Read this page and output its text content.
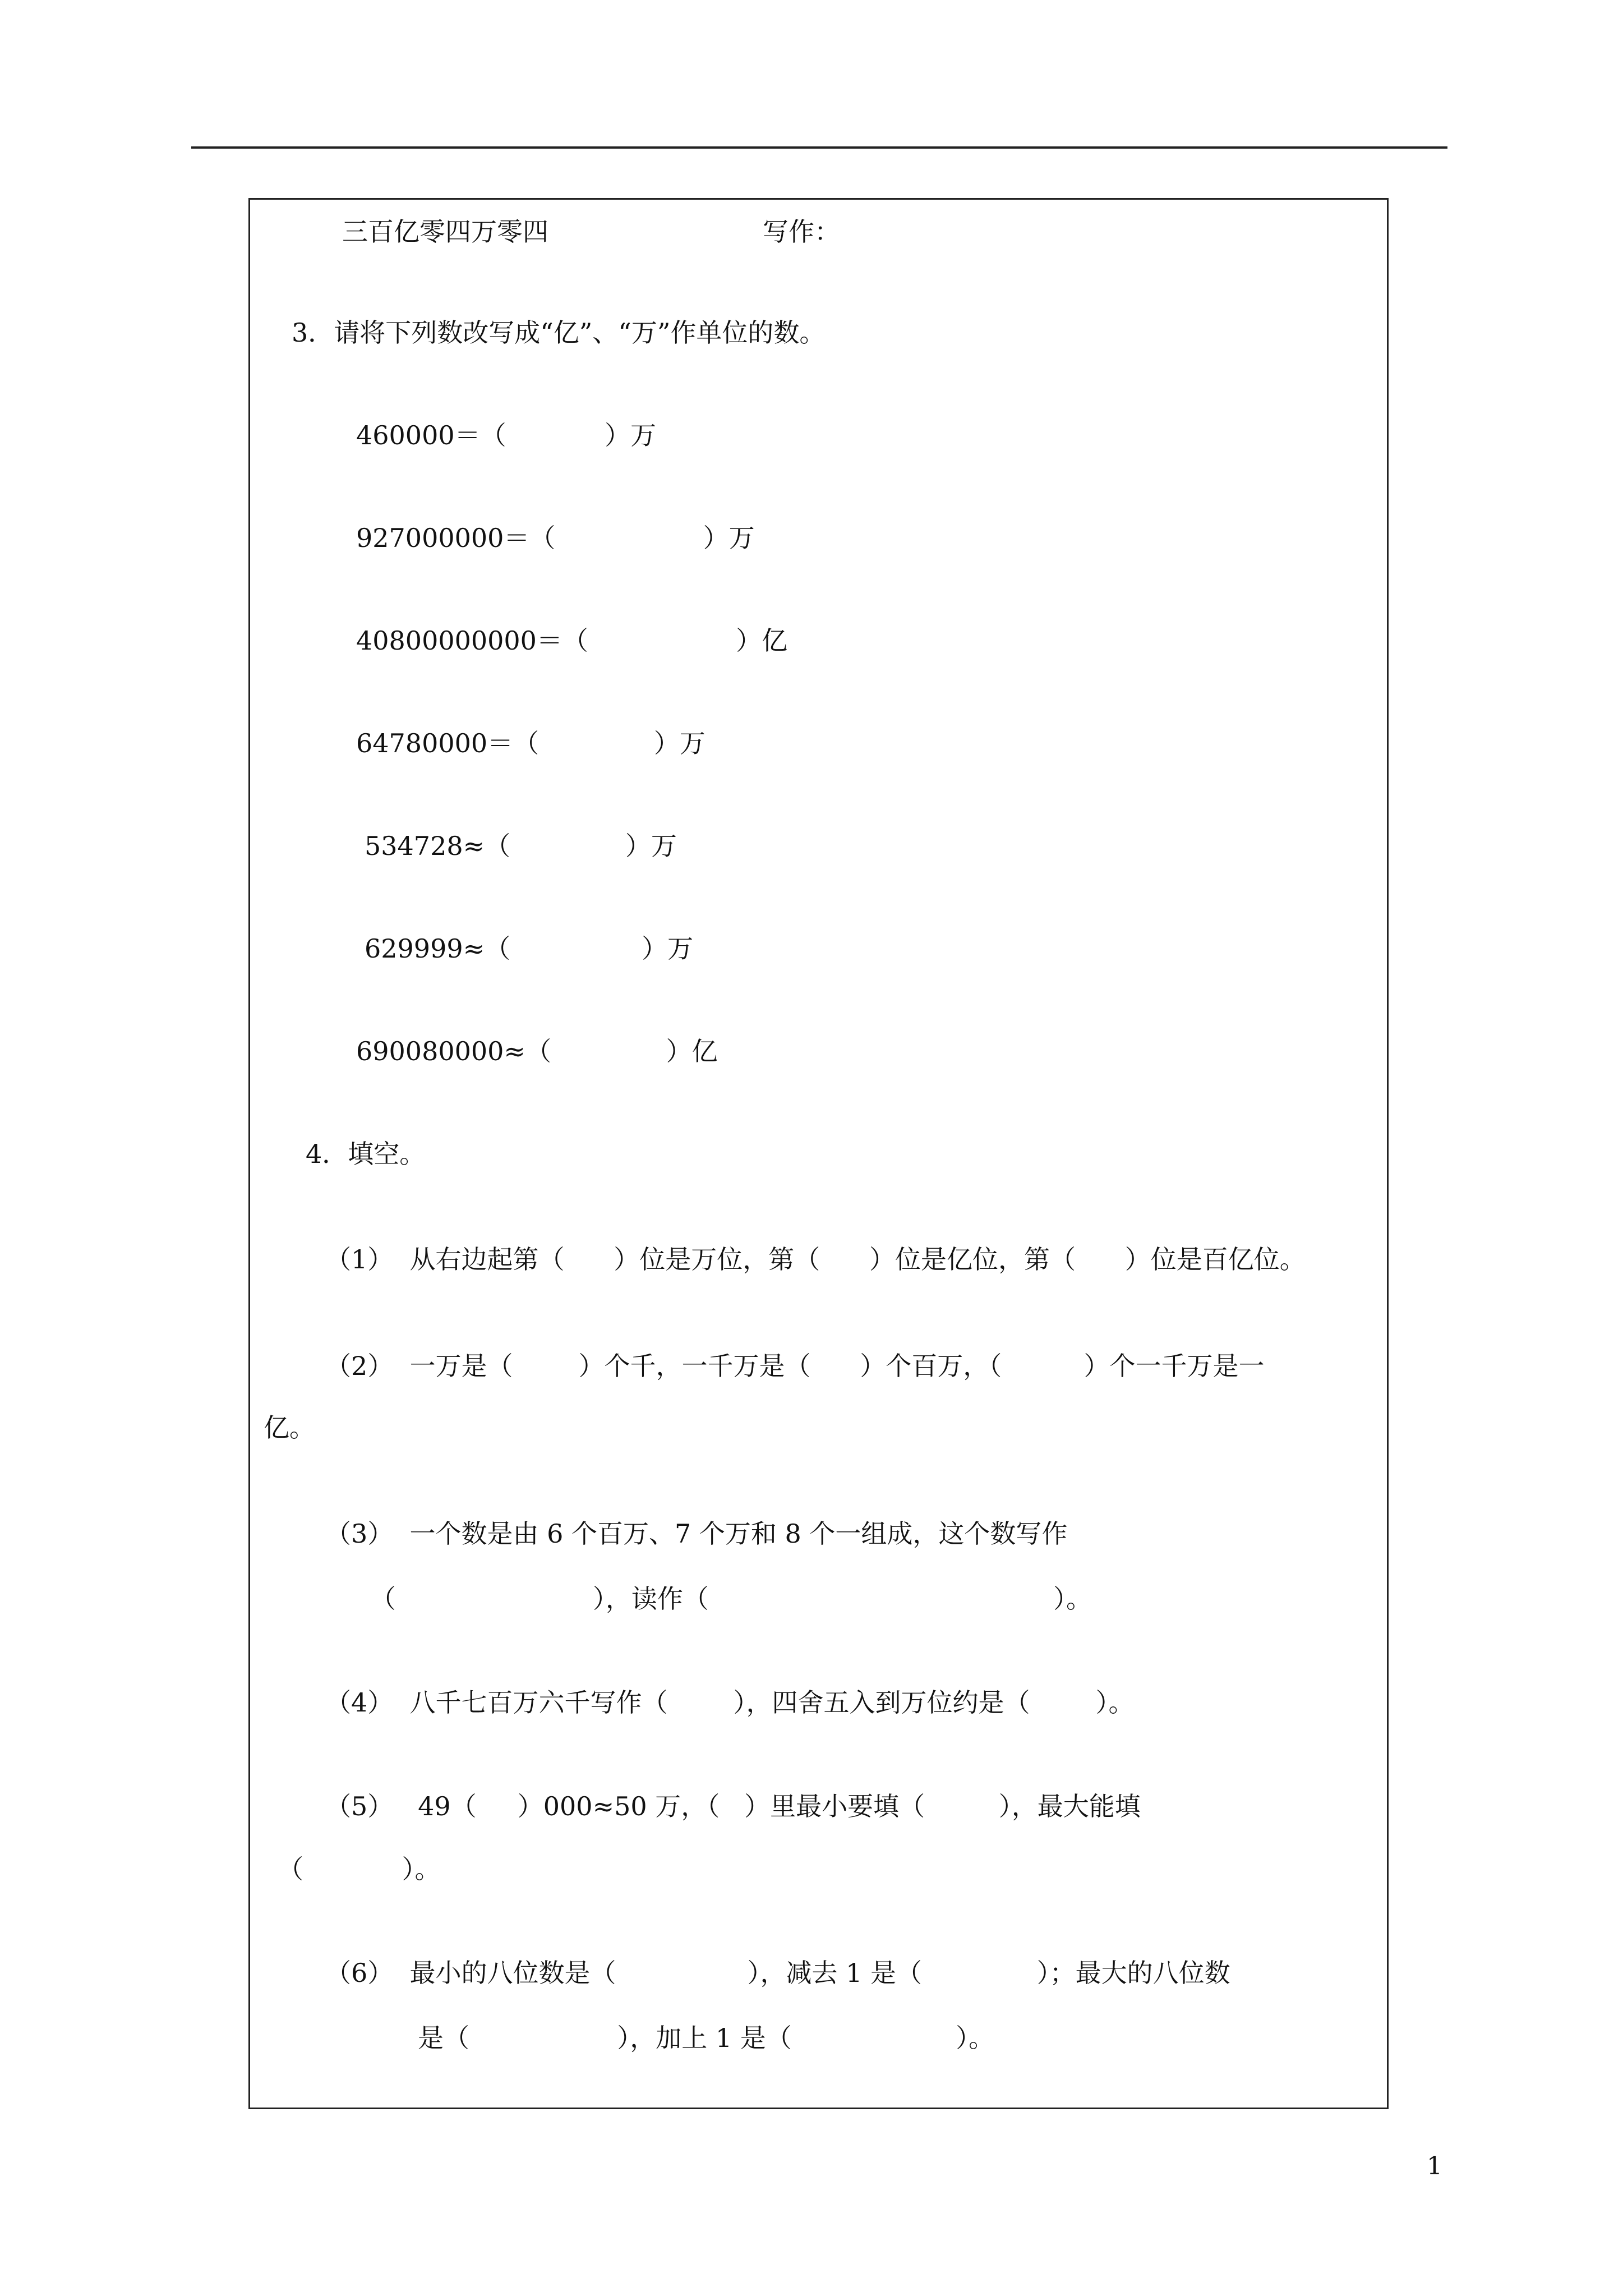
三百亿零四万零四	写作：
3．请将下列数改写成“亿”、“万”作单位的数。
460000＝（            ）万
927000000＝（                  ）万
40800000000＝（                  ）亿
64780000＝（              ）万
534728≈（              ）万
629999≈（                ）万
690080000≈（              ）亿
4．填空。
（1）  从右边起第（      ）位是万位，第（      ）位是亿位，第（      ）位是百亿位。
（2）  一万是（        ）个千，一千万是（      ）个百万，（          ）个一千万是一
亿。
（3）  一个数是由 6 个百万、7 个万和 8 个一组成，这个数写作
（                        ），读作（                                          ）。
（4）  八千七百万六千写作（        ），四舍五入到万位约是（        ）。
（5）   49（     ）000≈50 万，（   ）里最小要填（         ），最大能填
（            ）。
（6）  最小的八位数是（                ），减去 1 是（              ）；最大的八位数
是（                  ），加上 1 是（                    ）。
1
